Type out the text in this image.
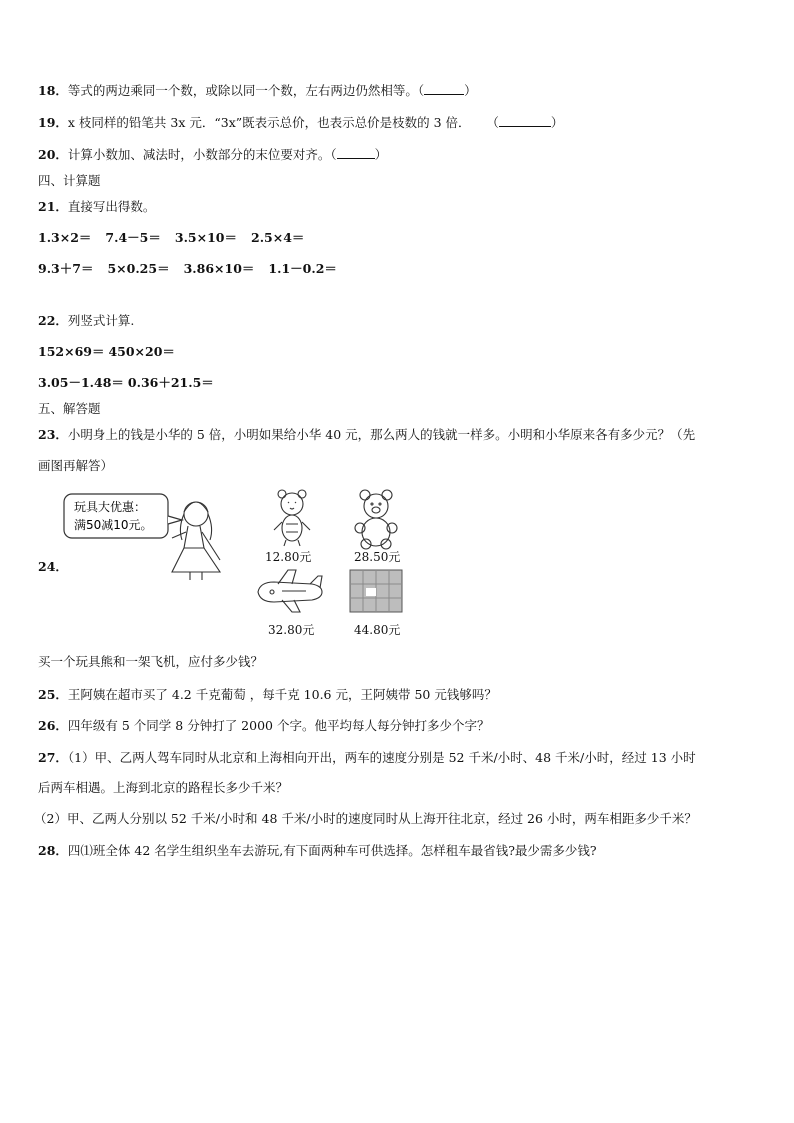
18．等式的两边乘同一个数，或除以同一个数，左右两边仍然相等。（	）
19．x 枝同样的铅笔共 3x 元．“3x”既表示总价，也表示总价是枝数的 3 倍． （	）
20．计算小数加、减法时，小数部分的末位要对齐。（	）
四、计算题
21．直接写出得数。
1.3×2＝ 7.4－5＝ 3.5×10＝ 2.5×4＝
9.3＋7＝ 5×0.25＝ 3.86×10＝ 1.1－0.2＝
22．列竖式计算.
152×69＝ 450×20＝
3.05－1.48＝ 0.36＋21.5＝
五、解答题
23．小明身上的钱是小华的 5 倍，小明如果给小华 40 元，那么两人的钱就一样多。小明和小华原来各有多少元？（先
画图再解答）
24．
玩具大优惠：
满50减10元。
12.80元	28.50元
32.80元	44.80元
买一个玩具熊和一架飞机，应付多少钱？
25．王阿姨在超市买了 4.2 千克葡萄 ，每千克 10.6 元，王阿姨带 50 元钱够吗？
26．四年级有 5 个同学 8 分钟打了 2000 个字。他平均每人每分钟打多少个字？
27．（1）甲、乙两人驾车同时从北京和上海相向开出，两车的速度分别是 52 千米/小时、48 千米/小时，经过 13 小时
后两车相遇。上海到北京的路程长多少千米？
（2）甲、乙两人分别以 52 千米/小时和 48 千米/小时的速度同时从上海开往北京，经过 26 小时，两车相距多少千米？
28．四⑴班全体 42 名学生组织坐车去游玩,有下面两种车可供选择。怎样租车最省钱?最少需多少钱?
